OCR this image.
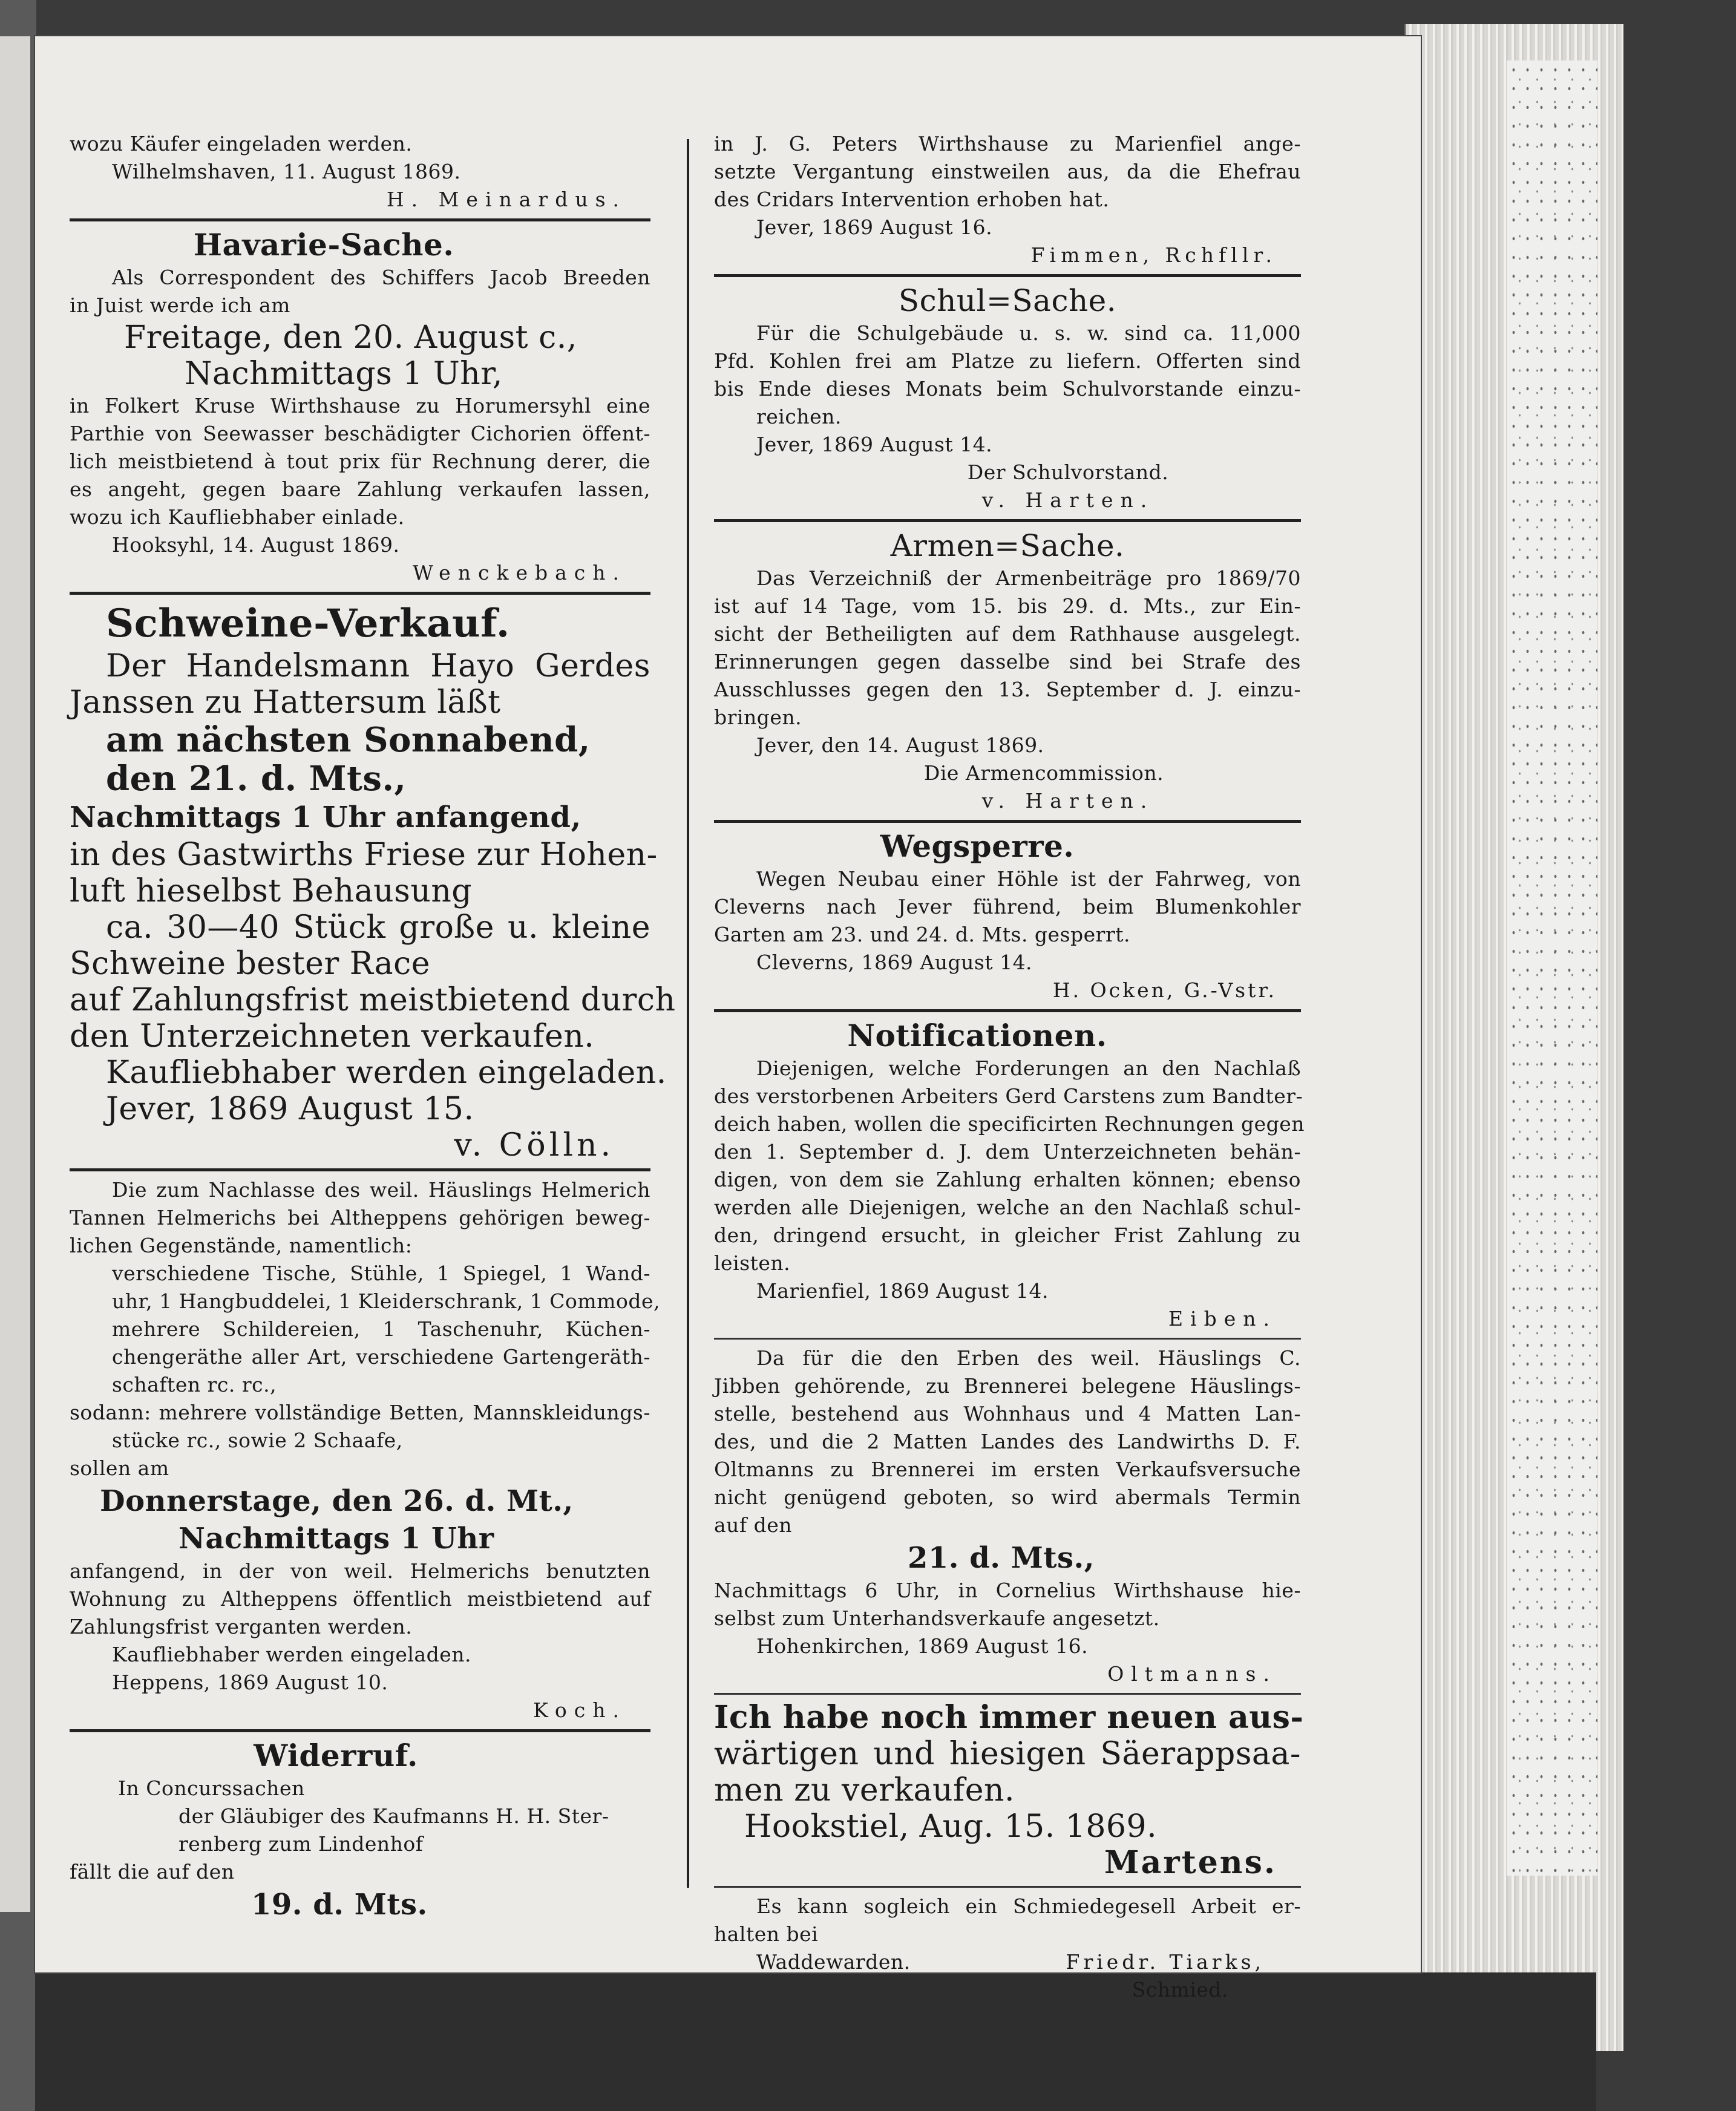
wozu Käufer eingeladen werden.

Wilhelmshaven, 11. August 1869.

H. Meinardus.

Havarie-Sache.

Als Correspondent des Schiffers Jacob Breeden

in Juist werde ich am

Freitage, den 20. August c.,

Nachmittags 1 Uhr,

in Folkert Kruse Wirthshause zu Horumersyhl eine

Parthie von Seewasser beschädigter Cichorien öffent-

lich meistbietend à tout prix für Rechnung derer, die

es angeht, gegen baare Zahlung verkaufen lassen,

wozu ich Kaufliebhaber einlade.

Hooksyhl, 14. August 1869.

Wenckebach.

Schweine-Verkauf.

Der Handelsmann Hayo Gerdes

Janssen zu Hattersum läßt

am nächsten Sonnabend,

den 21. d. Mts.,

Nachmittags 1 Uhr anfangend,

in des Gastwirths Friese zur Hohen-

luft hieselbst Behausung

ca. 30—40 Stück große u. kleine

Schweine bester Race

auf Zahlungsfrist meistbietend durch

den Unterzeichneten verkaufen.

Kaufliebhaber werden eingeladen.

Jever, 1869 August 15.

v. Cölln.

Die zum Nachlasse des weil. Häuslings Helmerich

Tannen Helmerichs bei Altheppens gehörigen beweg-

lichen Gegenstände, namentlich:

verschiedene Tische, Stühle, 1 Spiegel, 1 Wand-

uhr, 1 Hangbuddelei, 1 Kleiderschrank, 1 Commode,

mehrere Schildereien, 1 Taschenuhr, Küchen-

chengeräthe aller Art, verschiedene Gartengeräth-

schaften rc. rc.,

sodann: mehrere vollständige Betten, Mannskleidungs-

stücke rc., sowie 2 Schaafe,

sollen am

Donnerstage, den 26. d. Mt.,

Nachmittags 1 Uhr

anfangend, in der von weil. Helmerichs benutzten

Wohnung zu Altheppens öffentlich meistbietend auf

Zahlungsfrist verganten werden.

Kaufliebhaber werden eingeladen.

Heppens, 1869 August 10.

Koch.

Widerruf.

In Concurssachen

der Gläubiger des Kaufmanns H. H. Ster-

renberg zum Lindenhof

fällt die auf den

19. d. Mts.

in J. G. Peters Wirthshause zu Marienfiel ange-

setzte Vergantung einstweilen aus, da die Ehefrau

des Cridars Intervention erhoben hat.

Jever, 1869 August 16.

Fimmen, Rchfllr.

Schul=Sache.

Für die Schulgebäude u. s. w. sind ca. 11,000

Pfd. Kohlen frei am Platze zu liefern. Offerten sind

bis Ende dieses Monats beim Schulvorstande einzu-

reichen.

Jever, 1869 August 14.

Der Schulvorstand.

v. Harten.

Armen=Sache.

Das Verzeichniß der Armenbeiträge pro 1869/70

ist auf 14 Tage, vom 15. bis 29. d. Mts., zur Ein-

sicht der Betheiligten auf dem Rathhause ausgelegt.

Erinnerungen gegen dasselbe sind bei Strafe des

Ausschlusses gegen den 13. September d. J. einzu-

bringen.

Jever, den 14. August 1869.

Die Armencommission.

v. Harten.

Wegsperre.

Wegen Neubau einer Höhle ist der Fahrweg, von

Cleverns nach Jever führend, beim Blumenkohler

Garten am 23. und 24. d. Mts. gesperrt.

Cleverns, 1869 August 14.

H. Ocken, G.-Vstr.

Notificationen.

Diejenigen, welche Forderungen an den Nachlaß

des verstorbenen Arbeiters Gerd Carstens zum Bandter-

deich haben, wollen die specificirten Rechnungen gegen

den 1. September d. J. dem Unterzeichneten behän-

digen, von dem sie Zahlung erhalten können; ebenso

werden alle Diejenigen, welche an den Nachlaß schul-

den, dringend ersucht, in gleicher Frist Zahlung zu

leisten.

Marienfiel, 1869 August 14.

Eiben.

Da für die den Erben des weil. Häuslings C.

Jibben gehörende, zu Brennerei belegene Häuslings-

stelle, bestehend aus Wohnhaus und 4 Matten Lan-

des, und die 2 Matten Landes des Landwirths D. F.

Oltmanns zu Brennerei im ersten Verkaufsversuche

nicht genügend geboten, so wird abermals Termin

auf den

21. d. Mts.,

Nachmittags 6 Uhr, in Cornelius Wirthshause hie-

selbst zum Unterhandsverkaufe angesetzt.

Hohenkirchen, 1869 August 16.

Oltmanns.

Ich habe noch immer neuen aus-

wärtigen und hiesigen Säerappsaa-

men zu verkaufen.

Hookstiel, Aug. 15. 1869.

Martens.

Es kann sogleich ein Schmiedegesell Arbeit er-

halten bei

Waddewarden.	Friedr. Tiarks,

Schmied.
